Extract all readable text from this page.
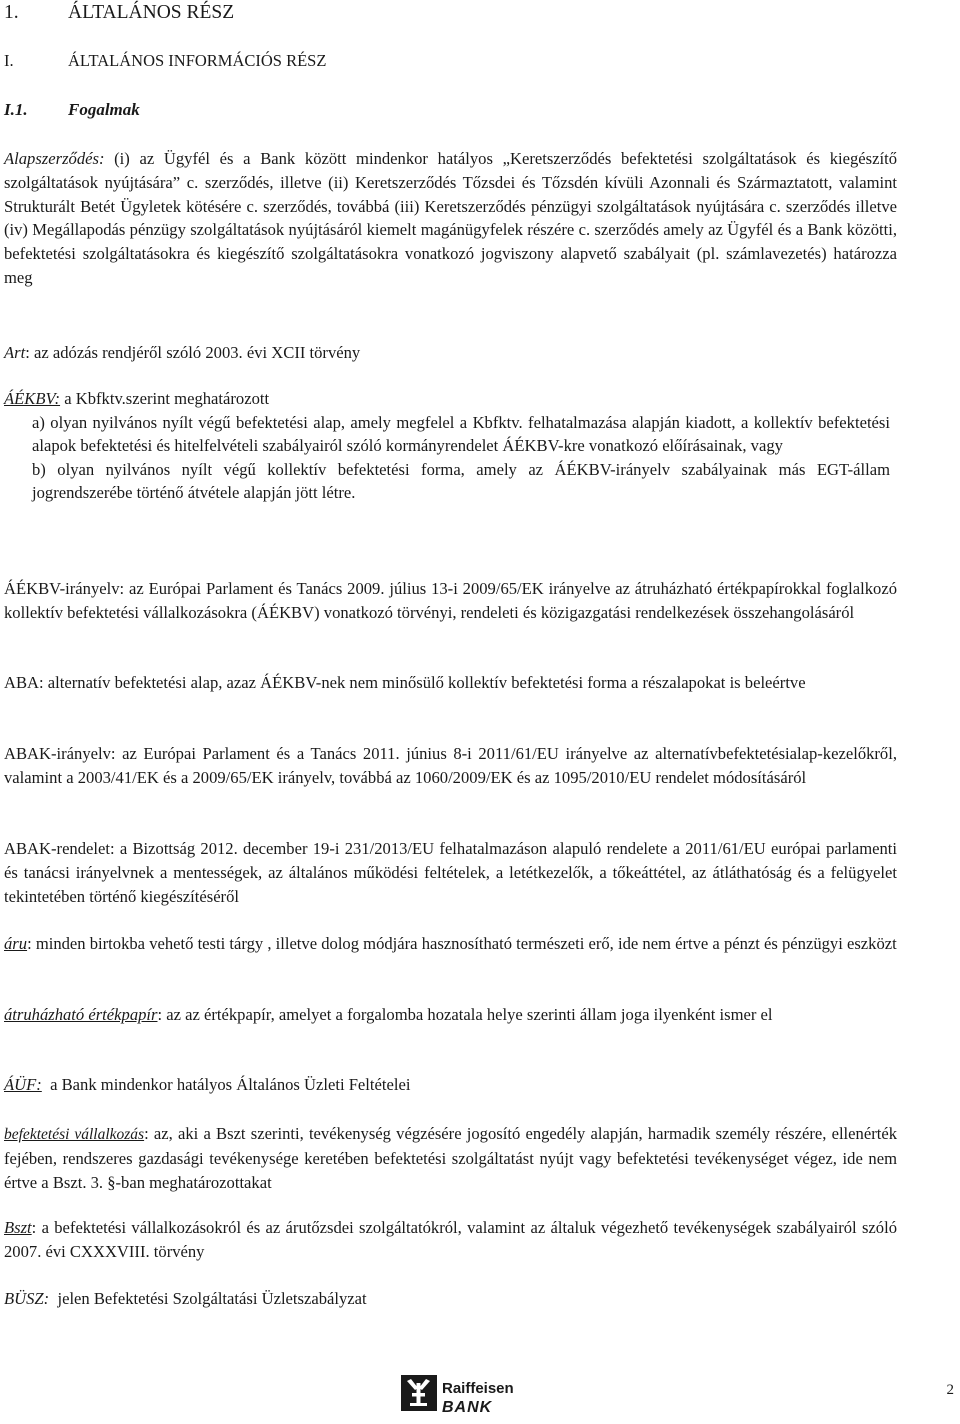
1.	ÁLTALÁNOS RÉSZ
I.	ÁLTALÁNOS INFORMÁCIÓS RÉSZ
I.1. Fogalmak
Alapszerződés: (i) az Ügyfél és a Bank között mindenkor hatályos „Keretszerződés befektetési szolgáltatások és kiegészítő szolgáltatások nyújtására” c. szerződés, illetve (ii) Keretszerződés Tőzsdei és Tőzsdén kívüli Azonnali és Származtatott, valamint Strukturált Betét Ügyletek kötésére c. szerződés, továbbá (iii) Keretszerződés pénzügyi szolgáltatások nyújtására c. szerződés illetve (iv) Megállapodás pénzügy szolgáltatások nyújtásáról kiemelt magánügyfelek részére c. szerződés amely az Ügyfél és a Bank közötti, befektetési szolgáltatásokra és kiegészítő szolgáltatásokra vonatkozó jogviszony alapvető szabályait (pl. számlavezetés) határozza meg
Art: az adózás rendjéről szóló 2003. évi XCII törvény
ÁÉKBV: a Kbfktv.szerint meghatározott
a) olyan nyilvános nyílt végű befektetési alap, amely megfelel a Kbfktv. felhatalmazása alapján kiadott, a kollektív befektetési alapok befektetési és hitelfelvételi szabályairól szóló kormányrendelet ÁÉKBV-kre vonatkozó előírásainak, vagy
b) olyan nyilvános nyílt végű kollektív befektetési forma, amely az ÁÉKBV-irányelv szabályainak más EGT-állam jogrendszerébe történő átvétele alapján jött létre.
ÁÉKBV-irányelv: az Európai Parlament és Tanács 2009. július 13-i 2009/65/EK irányelve az átruházható értékpapírokkal foglalkozó kollektív befektetési vállalkozásokra (ÁÉKBV) vonatkozó törvényi, rendeleti és közigazgatási rendelkezések összehangolásáról
ABA: alternatív befektetési alap, azaz ÁÉKBV-nek nem minősülő kollektív befektetési forma a részalapokat is beleértve
ABAK-irányelv: az Európai Parlament és a Tanács 2011. június 8-i 2011/61/EU irányelve az alternatívbefektetésialap-kezelőkről, valamint a 2003/41/EK és a 2009/65/EK irányelv, továbbá az 1060/2009/EK és az 1095/2010/EU rendelet módosításáról
ABAK-rendelet: a Bizottság 2012. december 19-i 231/2013/EU felhatalmazáson alapuló rendelete a 2011/61/EU európai parlamenti és tanácsi irányelvnek a mentességek, az általános működési feltételek, a letétkezelők, a tőkeáttétel, az átláthatóság és a felügyelet tekintetében történő kiegészítéséről
áru: minden birtokba vehető testi tárgy , illetve dolog módjára hasznosítható természeti erő, ide nem értve a pénzt és pénzügyi eszközt
átruházható értékpapír: az az értékpapír, amelyet a forgalomba hozatala helye szerinti állam joga ilyenként ismer el
ÁÜF:  a Bank mindenkor hatályos Általános Üzleti Feltételei
befektetési vállalkozás: az, aki a Bszt szerinti, tevékenység végzésére jogosító engedély alapján, harmadik személy részére, ellenérték fejében, rendszeres gazdasági tevékenysége keretében befektetési szolgáltatást nyújt vagy befektetési tevékenységet végez, ide nem értve a Bszt. 3. §-ban meghatározottakat
Bszt: a befektetési vállalkozásokról és az árutőzsdei szolgáltatókról, valamint az általuk végezhető tevékenységek szabályairól szóló 2007. évi CXXXVIII. törvény
BÜSZ:  jelen Befektetési Szolgáltatási Üzletszabályzat
Raiffeisen
BANK
2
